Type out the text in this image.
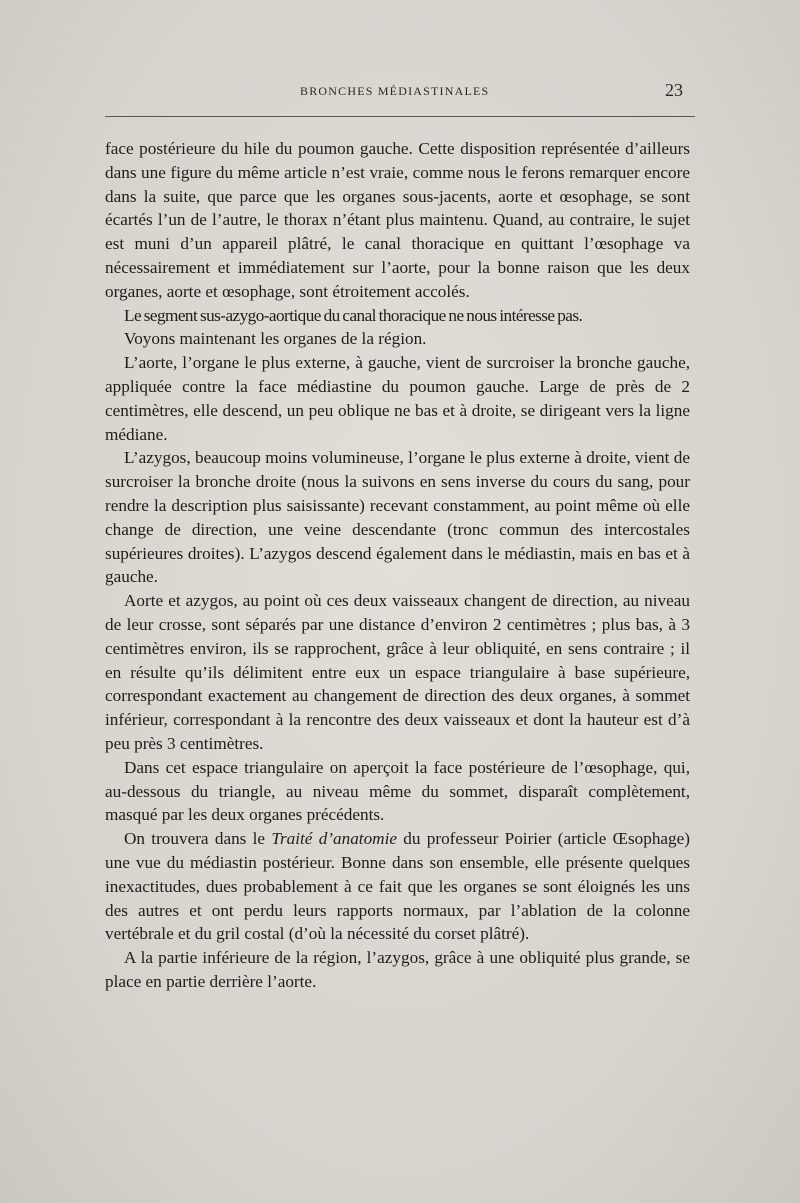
BRONCHES MÉDIASTINALES	23

face postérieure du hile du poumon gauche. Cette disposition représentée d’ailleurs dans une figure du même article n’est vraie, comme nous le ferons remarquer encore dans la suite, que parce que les organes sous-jacents, aorte et œsophage, se sont écartés l’un de l’autre, le thorax n’étant plus maintenu. Quand, au contraire, le sujet est muni d’un appareil plâtré, le canal thoracique en quittant l’œsophage va nécessairement et immédiatement sur l’aorte, pour la bonne raison que les deux organes, aorte et œsophage, sont étroitement accolés.

Le segment sus-azygo-aortique du canal thoracique ne nous intéresse pas.

Voyons maintenant les organes de la région.

L’aorte, l’organe le plus externe, à gauche, vient de surcroiser la bronche gauche, appliquée contre la face médiastine du poumon gauche. Large de près de 2 centimètres, elle descend, un peu oblique ne bas et à droite, se dirigeant vers la ligne médiane.

L’azygos, beaucoup moins volumineuse, l’organe le plus externe à droite, vient de surcroiser la bronche droite (nous la suivons en sens inverse du cours du sang, pour rendre la description plus saisissante) recevant constamment, au point même où elle change de direction, une veine descendante (tronc commun des intercostales supérieures droites). L’azygos descend également dans le médiastin, mais en bas et à gauche.

Aorte et azygos, au point où ces deux vaisseaux changent de direction, au niveau de leur crosse, sont séparés par une distance d’environ 2 centimètres ; plus bas, à 3 centimètres environ, ils se rapprochent, grâce à leur obliquité, en sens contraire ; il en résulte qu’ils délimitent entre eux un espace triangulaire à base supérieure, correspondant exactement au changement de direction des deux organes, à sommet inférieur, correspondant à la rencontre des deux vaisseaux et dont la hauteur est d’à peu près 3 centimètres.

Dans cet espace triangulaire on aperçoit la face postérieure de l’œsophage, qui, au-dessous du triangle, au niveau même du sommet, disparaît complètement, masqué par les deux organes précédents.

On trouvera dans le Traité d’anatomie du professeur Poirier (article Œsophage) une vue du médiastin postérieur. Bonne dans son ensemble, elle présente quelques inexactitudes, dues probablement à ce fait que les organes se sont éloignés les uns des autres et ont perdu leurs rapports normaux, par l’ablation de la colonne vertébrale et du gril costal (d’où la nécessité du corset plâtré).

A la partie inférieure de la région, l’azygos, grâce à une obliquité plus grande, se place en partie derrière l’aorte.
